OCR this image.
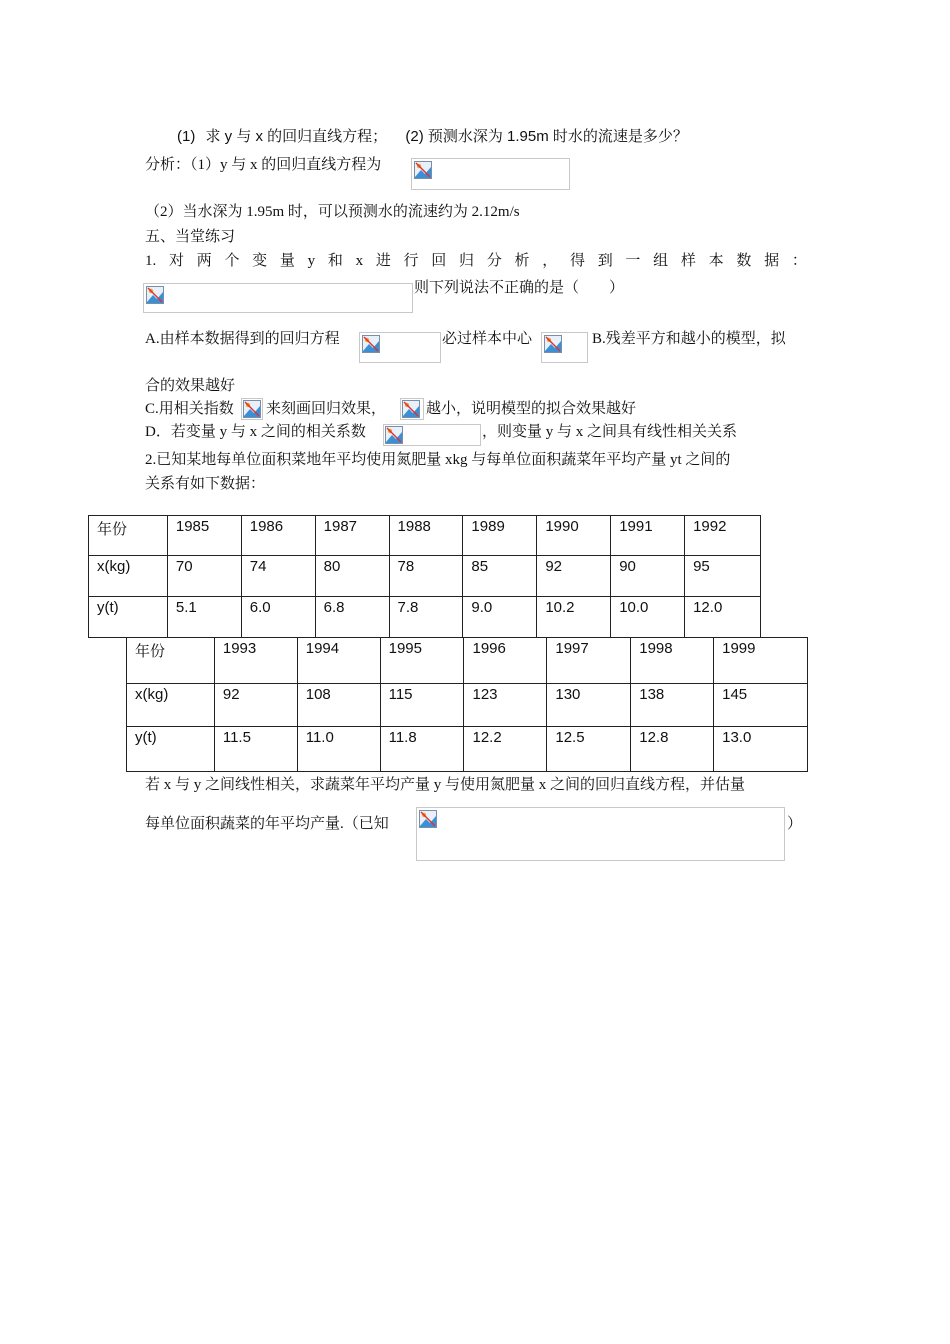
(1) 求 y 与 x 的回归直线方程； (2) 预测水深为 1.95m 时水的流速是多少？
分析：（1）y 与 x 的回归直线方程为
（2）当水深为 1.95m 时，可以预测水的流速约为 2.12m/s
五、当堂练习
1. 对 两 个 变 量 y 和 x 进 行 回 归 分 析 ， 得 到 一 组 样 本 数 据 ：
则下列说法不正确的是（　　）
A.由样本数据得到的回归方程	必过样本中心	B.残差平方和越小的模型，拟
合的效果越好
C.用相关指数 来刻画回归效果，	越小，说明模型的拟合效果越好
D．若变量 y 与 x 之间的相关系数	，则变量 y 与 x 之间具有线性相关关系
2.已知某地每单位面积菜地年平均使用氮肥量 xkg 与每单位面积蔬菜年平均产量 yt 之间的
关系有如下数据：
年份	1985	1986	1987	1988	1989	1990	1991	1992
x(kg)	70	74	80	78	85	92	90	95
y(t)	5.1	6.0	6.8	7.8	9.0	10.2	10.0	12.0
年份	1993	1994	1995	1996	1997	1998	1999
x(kg)	92	108	115	123	130	138	145
y(t)	11.5	11.0	11.8	12.2	12.5	12.8	13.0
若 x 与 y 之间线性相关，求蔬菜年平均产量 y 与使用氮肥量 x 之间的回归直线方程，并估量
每单位面积蔬菜的年平均产量.（已知	）
